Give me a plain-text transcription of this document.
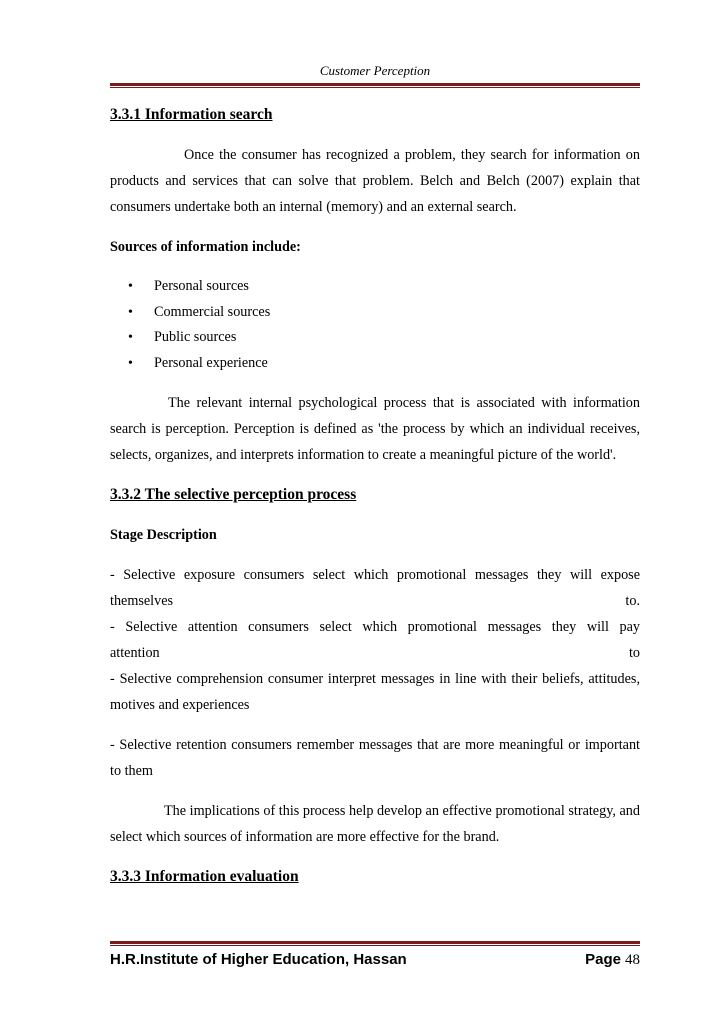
Customer Perception
3.3.1 Information search

Once the consumer has recognized a problem, they search for information on products and services that can solve that problem. Belch and Belch (2007) explain that consumers undertake both an internal (memory) and an external search.

Sources of information include:

• Personal sources
• Commercial sources
• Public sources
• Personal experience

The relevant internal psychological process that is associated with information search is perception. Perception is defined as 'the process by which an individual receives, selects, organizes, and interprets information to create a meaningful picture of the world'.

3.3.2 The selective perception process

Stage Description

- Selective exposure consumers select which promotional messages they will expose

themselves	to.

- Selective attention consumers select which promotional messages they will pay

attention	to

- Selective comprehension consumer interpret messages in line with their beliefs, attitudes, motives and experiences

- Selective retention consumers remember messages that are more meaningful or important to them

The implications of this process help develop an effective promotional strategy, and select which sources of information are more effective for the brand.

3.3.3 Information evaluation
H.R.Institute of Higher Education, Hassan	Page 48
